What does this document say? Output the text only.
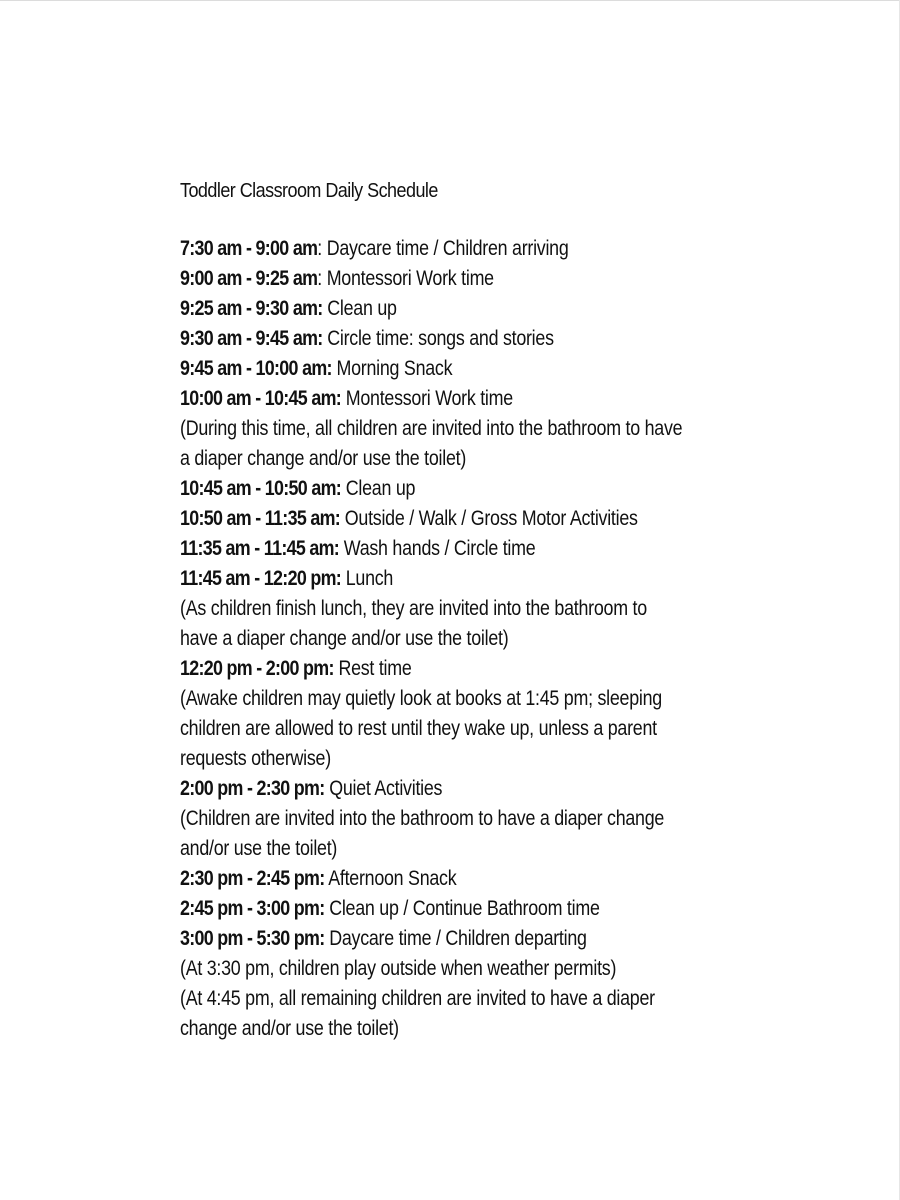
Toddler Classroom Daily Schedule
7:30 am - 9:00 am: Daycare time / Children arriving
9:00 am - 9:25 am: Montessori Work time
9:25 am - 9:30 am: Clean up
9:30 am - 9:45 am: Circle time: songs and stories
9:45 am - 10:00 am: Morning Snack
10:00 am - 10:45 am: Montessori Work time
(During this time, all children are invited into the bathroom to have
a diaper change and/or use the toilet)
10:45 am - 10:50 am: Clean up
10:50 am - 11:35 am: Outside / Walk / Gross Motor Activities
11:35 am - 11:45 am: Wash hands / Circle time
11:45 am - 12:20 pm: Lunch
(As children finish lunch, they are invited into the bathroom to
have a diaper change and/or use the toilet)
12:20 pm - 2:00 pm: Rest time
(Awake children may quietly look at books at 1:45 pm; sleeping
children are allowed to rest until they wake up, unless a parent
requests otherwise)
2:00 pm - 2:30 pm: Quiet Activities
(Children are invited into the bathroom to have a diaper change
and/or use the toilet)
2:30 pm - 2:45 pm: Afternoon Snack
2:45 pm - 3:00 pm: Clean up / Continue Bathroom time
3:00 pm - 5:30 pm: Daycare time / Children departing
(At 3:30 pm, children play outside when weather permits)
(At 4:45 pm, all remaining children are invited to have a diaper
change and/or use the toilet)
